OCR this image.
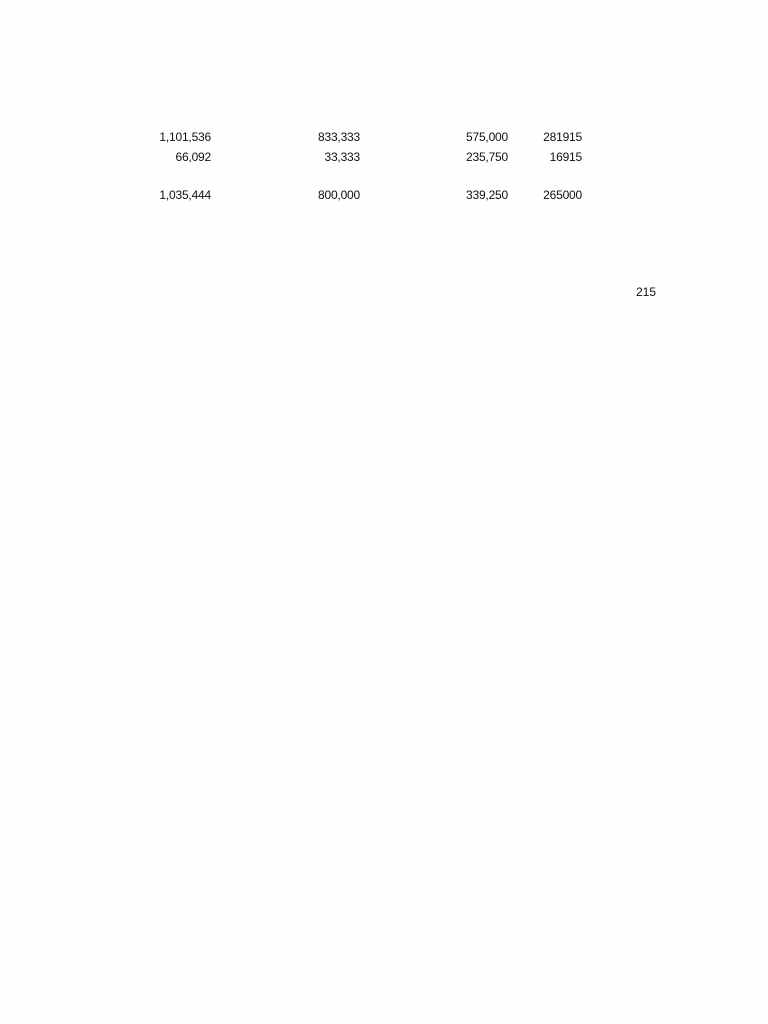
1,101,536	833,333	575,000	281915
66,092	33,333	235,750	16915
1,035,444	800,000	339,250	265000
215
